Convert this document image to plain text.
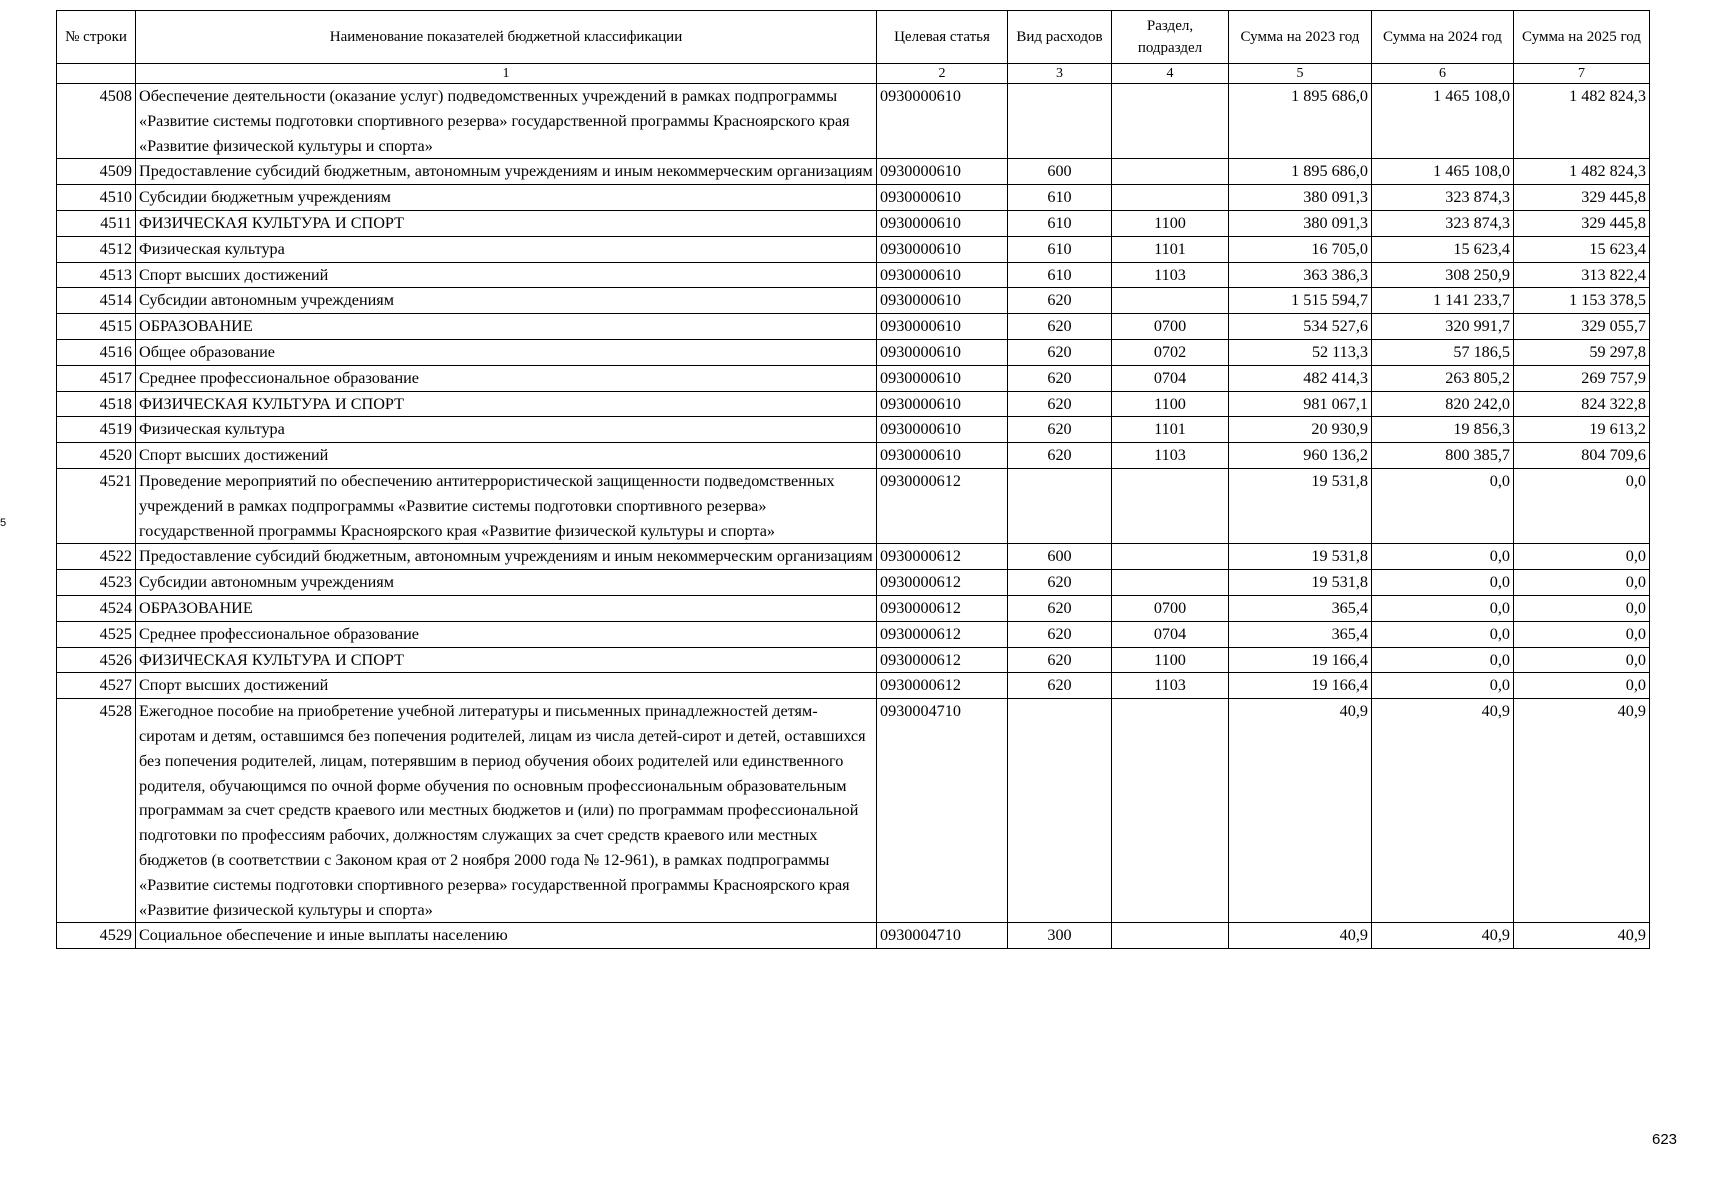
№ строки	Наименование показателей бюджетной классификации	Целевая статья	Вид расходов	Раздел, подраздел	Сумма на 2023 год	Сумма на 2024 год	Сумма на 2025 год
	1	2	3	4	5	6	7
4508	Обеспечение деятельности (оказание услуг) подведомственных учреждений в рамках подпрограммы «Развитие системы подготовки спортивного резерва» государственной программы Красноярского края «Развитие физической культуры и спорта»	0930000610			1 895 686,0	1 465 108,0	1 482 824,3
4509	Предоставление субсидий бюджетным, автономным учреждениям и иным некоммерческим организациям	0930000610	600		1 895 686,0	1 465 108,0	1 482 824,3
4510	Субсидии бюджетным учреждениям	0930000610	610		380 091,3	323 874,3	329 445,8
4511	ФИЗИЧЕСКАЯ КУЛЬТУРА И СПОРТ	0930000610	610	1100	380 091,3	323 874,3	329 445,8
4512	Физическая культура	0930000610	610	1101	16 705,0	15 623,4	15 623,4
4513	Спорт высших достижений	0930000610	610	1103	363 386,3	308 250,9	313 822,4
4514	Субсидии автономным учреждениям	0930000610	620		1 515 594,7	1 141 233,7	1 153 378,5
4515	ОБРАЗОВАНИЕ	0930000610	620	0700	534 527,6	320 991,7	329 055,7
4516	Общее образование	0930000610	620	0702	52 113,3	57 186,5	59 297,8
4517	Среднее профессиональное образование	0930000610	620	0704	482 414,3	263 805,2	269 757,9
4518	ФИЗИЧЕСКАЯ КУЛЬТУРА И СПОРТ	0930000610	620	1100	981 067,1	820 242,0	824 322,8
4519	Физическая культура	0930000610	620	1101	20 930,9	19 856,3	19 613,2
4520	Спорт высших достижений	0930000610	620	1103	960 136,2	800 385,7	804 709,6
4521	Проведение мероприятий по обеспечению антитеррористической защищенности подведомственных учреждений в рамках подпрограммы «Развитие системы подготовки спортивного резерва» государственной программы Красноярского края «Развитие физической культуры и спорта»	0930000612			19 531,8	0,0	0,0
4522	Предоставление субсидий бюджетным, автономным учреждениям и иным некоммерческим организациям	0930000612	600		19 531,8	0,0	0,0
4523	Субсидии автономным учреждениям	0930000612	620		19 531,8	0,0	0,0
4524	ОБРАЗОВАНИЕ	0930000612	620	0700	365,4	0,0	0,0
4525	Среднее профессиональное образование	0930000612	620	0704	365,4	0,0	0,0
4526	ФИЗИЧЕСКАЯ КУЛЬТУРА И СПОРТ	0930000612	620	1100	19 166,4	0,0	0,0
4527	Спорт высших достижений	0930000612	620	1103	19 166,4	0,0	0,0
4528	Ежегодное пособие на приобретение учебной литературы и письменных принадлежностей детям-сиротам и детям, оставшимся без попечения родителей, лицам из числа детей-сирот и детей, оставшихся без попечения родителей, лицам, потерявшим в период обучения обоих родителей или единственного родителя, обучающимся по очной форме обучения по основным профессиональным образовательным программам за счет средств краевого или местных бюджетов и (или) по программам профессиональной подготовки по профессиям рабочих, должностям служащих за счет средств краевого или местных бюджетов (в соответствии с Законом края от 2 ноября 2000 года № 12-961), в рамках подпрограммы «Развитие системы подготовки спортивного резерва» государственной программы Красноярского края «Развитие физической культуры и спорта»	0930004710			40,9	40,9	40,9
4529	Социальное обеспечение и иные выплаты населению	0930004710	300		40,9	40,9	40,9
5
623
